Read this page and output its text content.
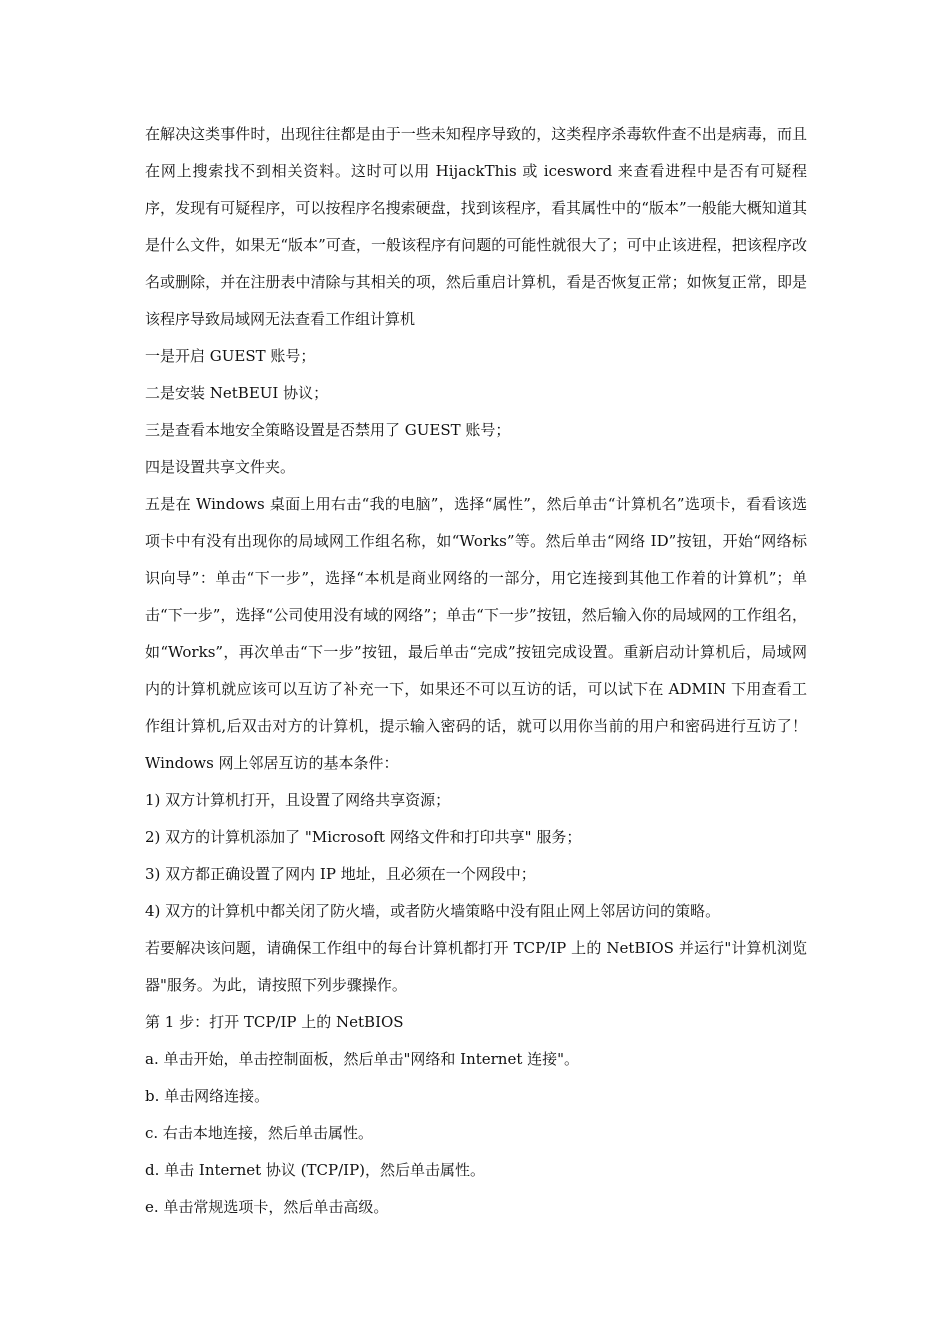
在解决这类事件时，出现往往都是由于一些未知程序导致的，这类程序杀毒软件查不出是病毒，而且在网上搜索找不到相关资料。这时可以用 HijackThis 或 icesword 来查看进程中是否有可疑程序，发现有可疑程序，可以按程序名搜索硬盘，找到该程序，看其属性中的“版本”一般能大概知道其是什么文件，如果无“版本”可查，一般该程序有问题的可能性就很大了；可中止该进程，把该程序改名或删除，并在注册表中清除与其相关的项，然后重启计算机，看是否恢复正常；如恢复正常，即是该程序导致局域网无法查看工作组计算机

一是开启 GUEST 账号；

二是安装 NetBEUI 协议；

三是查看本地安全策略设置是否禁用了 GUEST 账号；

四是设置共享文件夹。

五是在 Windows 桌面上用右击“我的电脑”，选择“属性”，然后单击“计算机名”选项卡，看看该选项卡中有没有出现你的局域网工作组名称，如“Works”等。然后单击“网络 ID”按钮，开始“网络标识向导”：单击“下一步”，选择“本机是商业网络的一部分，用它连接到其他工作着的计算机”；单击“下一步”，选择“公司使用没有域的网络”；单击“下一步”按钮，然后输入你的局域网的工作组名，如“Works”，再次单击“下一步”按钮，最后单击“完成”按钮完成设置。重新启动计算机后，局域网内的计算机就应该可以互访了补充一下，如果还不可以互访的话，可以试下在 ADMIN 下用查看工作组计算机,后双击对方的计算机，提示输入密码的话，就可以用你当前的用户和密码进行互访了！Windows 网上邻居互访的基本条件：

1) 双方计算机打开，且设置了网络共享资源；

2) 双方的计算机添加了 "Microsoft 网络文件和打印共享" 服务；

3) 双方都正确设置了网内 IP 地址，且必须在一个网段中；

4) 双方的计算机中都关闭了防火墙，或者防火墙策略中没有阻止网上邻居访问的策略。

若要解决该问题，请确保工作组中的每台计算机都打开 TCP/IP 上的 NetBIOS 并运行"计算机浏览器"服务。为此，请按照下列步骤操作。

第 1 步：打开 TCP/IP 上的 NetBIOS

a. 单击开始，单击控制面板，然后单击"网络和 Internet 连接"。

b. 单击网络连接。

c. 右击本地连接，然后单击属性。

d. 单击 Internet 协议 (TCP/IP)，然后单击属性。

e. 单击常规选项卡，然后单击高级。
